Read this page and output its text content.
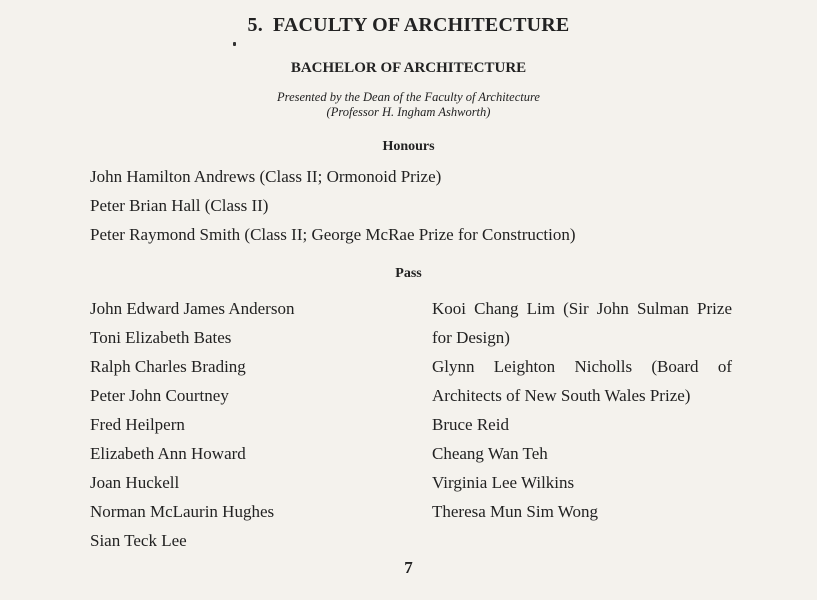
5. FACULTY OF ARCHITECTURE
BACHELOR OF ARCHITECTURE
Presented by the Dean of the Faculty of Architecture
(Professor H. Ingham Ashworth)
Honours
John Hamilton Andrews (Class II; Ormonoid Prize)
Peter Brian Hall (Class II)
Peter Raymond Smith (Class II; George McRae Prize for Construction)
Pass
John Edward James Anderson
Toni Elizabeth Bates
Ralph Charles Brading
Peter John Courtney
Fred Heilpern
Elizabeth Ann Howard
Joan Huckell
Norman McLaurin Hughes
Sian Teck Lee
Kooi Chang Lim (Sir John Sulman Prize for Design)
Glynn Leighton Nicholls (Board of Architects of New South Wales Prize)
Bruce Reid
Cheang Wan Teh
Virginia Lee Wilkins
Theresa Mun Sim Wong
7
